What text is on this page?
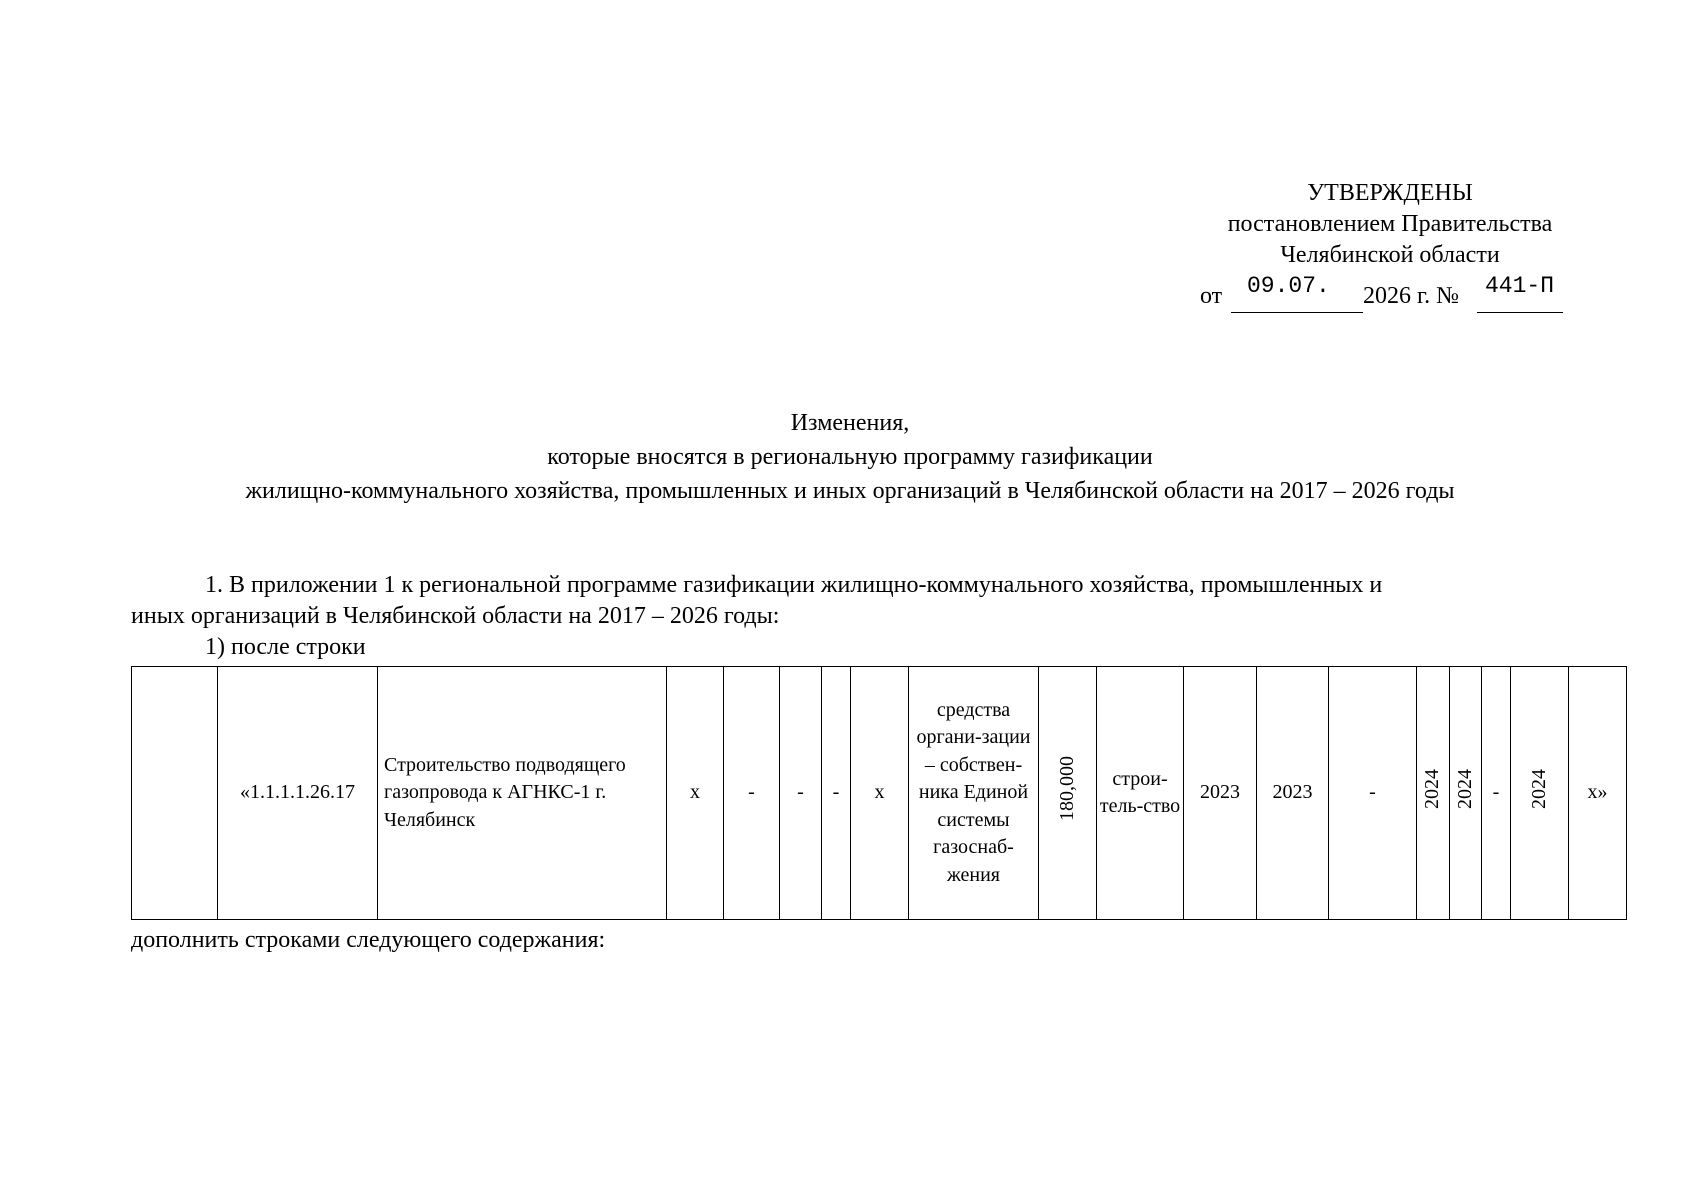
УТВЕРЖДЕНЫ
постановлением Правительства
Челябинской области
от 09.07. 2026 г. № 441-П
Изменения,
которые вносятся в региональную программу газификации
жилищно-коммунального хозяйства, промышленных и иных организаций в Челябинской области на 2017 – 2026 годы
1. В приложении 1 к региональной программе газификации жилищно-коммунального хозяйства, промышленных и
иных организаций в Челябинской области на 2017 – 2026 годы:
1) после строки
	«1.1.1.1.26.17	Строительство подводящего газопровода к АГНКС-1 г. Челябинск	x	-	-	-	x	средства органи-зации – собствен-ника Единой системы газоснаб-жения	180,000	строи-тель-ство	2023	2023	-	2024	2024	-	2024	x»
дополнить строками следующего содержания:
